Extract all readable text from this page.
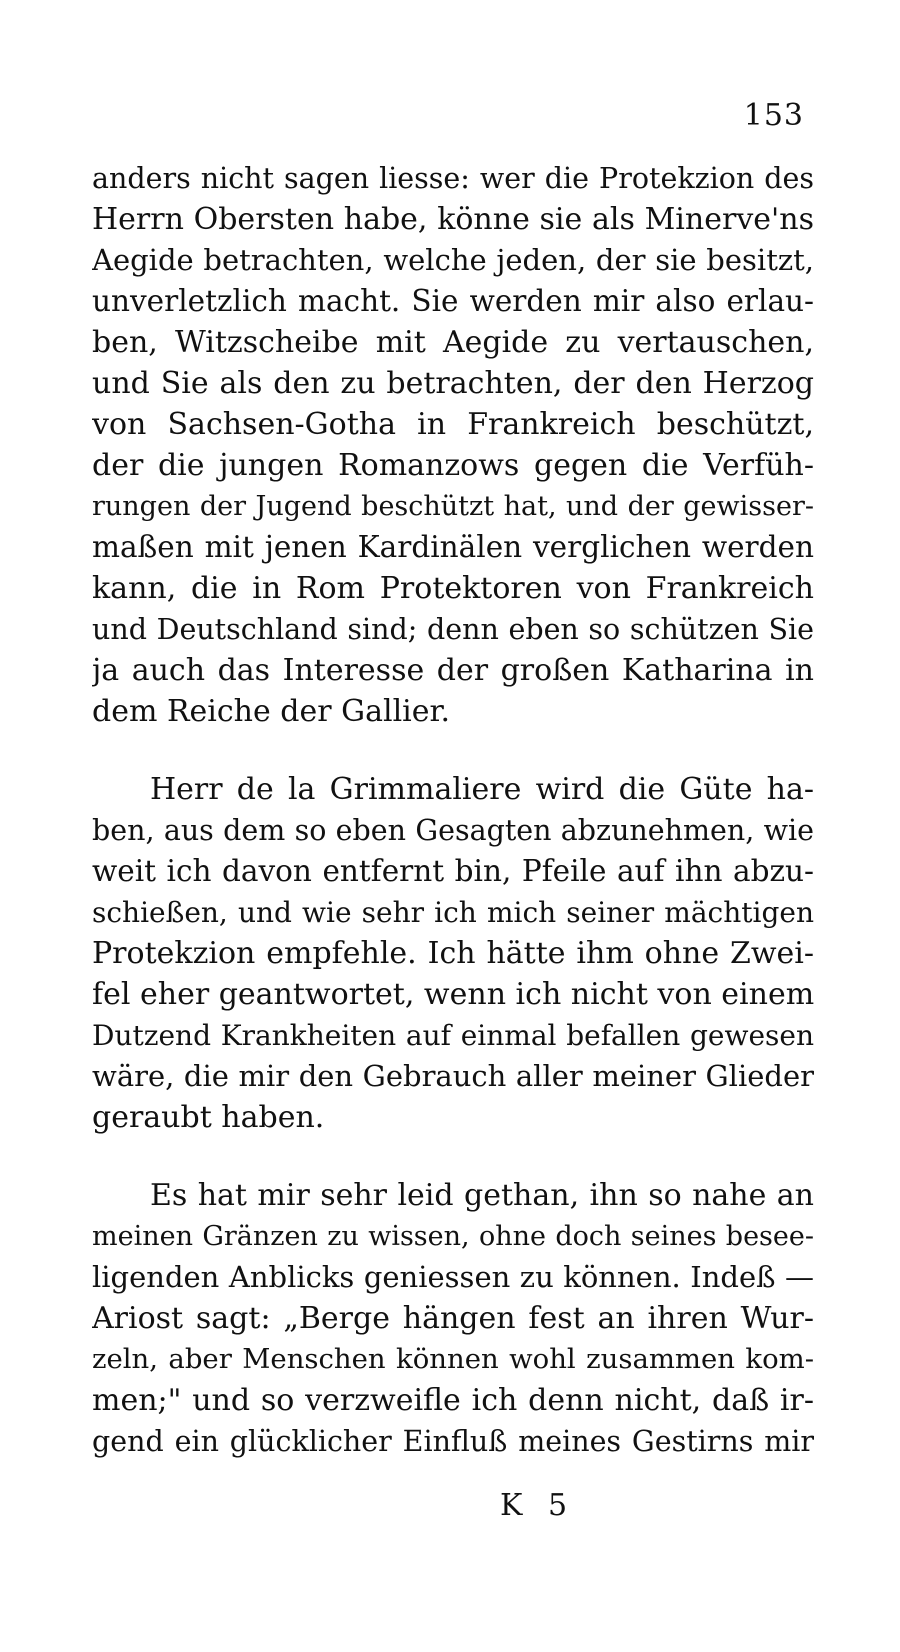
153
anders nicht sagen liesse: wer die Protekzion des
Herrn Obersten habe, könne sie als Minerve'ns
Aegide betrachten, welche jeden, der sie besitzt,
unverletzlich macht. Sie werden mir also erlau-
ben, Witzscheibe mit Aegide zu vertauschen,
und Sie als den zu betrachten, der den Herzog
von Sachsen-Gotha in Frankreich beschützt,
der die jungen Romanzows gegen die Verfüh-
rungen der Jugend beschützt hat, und der gewisser-
maßen mit jenen Kardinälen verglichen werden
kann, die in Rom Protektoren von Frankreich
und Deutschland sind; denn eben so schützen Sie
ja auch das Interesse der großen Katharina in
dem Reiche der Gallier.
Herr de la Grimmaliere wird die Güte ha-
ben, aus dem so eben Gesagten abzunehmen, wie
weit ich davon entfernt bin, Pfeile auf ihn abzu-
schießen, und wie sehr ich mich seiner mächtigen
Protekzion empfehle. Ich hätte ihm ohne Zwei-
fel eher geantwortet, wenn ich nicht von einem
Dutzend Krankheiten auf einmal befallen gewesen
wäre, die mir den Gebrauch aller meiner Glieder
geraubt haben.
Es hat mir sehr leid gethan, ihn so nahe an
meinen Gränzen zu wissen, ohne doch seines besee-
ligenden Anblicks geniessen zu können. Indeß —
Ariost sagt: „Berge hängen fest an ihren Wur-
zeln, aber Menschen können wohl zusammen kom-
men;" und so verzweifle ich denn nicht, daß ir-
gend ein glücklicher Einfluß meines Gestirns mir
K 5
